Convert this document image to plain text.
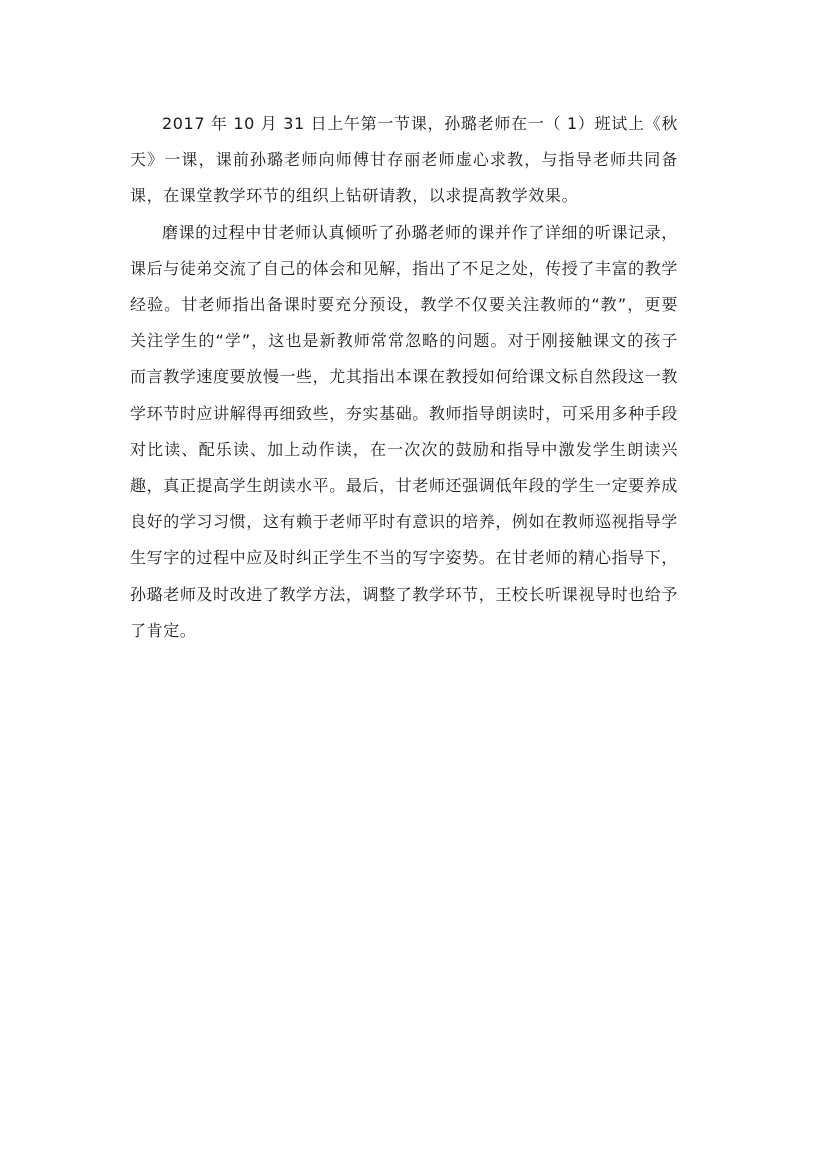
2017 年 10 月 31 日上午第一节课，孙璐老师在一（ 1）班试上《秋天》一课，课前孙璐老师向师傅甘存丽老师虚心求教，与指导老师共同备课，在课堂教学环节的组织上钻研请教，以求提高教学效果。

磨课的过程中甘老师认真倾听了孙璐老师的课并作了详细的听课记录，课后与徒弟交流了自己的体会和见解，指出了不足之处，传授了丰富的教学经验。甘老师指出备课时要充分预设，教学不仅要关注教师的“教”，更要关注学生的“学”，这也是新教师常常忽略的问题。对于刚接触课文的孩子而言教学速度要放慢一些，尤其指出本课在教授如何给课文标自然段这一教学环节时应讲解得再细致些，夯实基础。教师指导朗读时，可采用多种手段对比读、配乐读、加上动作读，在一次次的鼓励和指导中激发学生朗读兴趣，真正提高学生朗读水平。最后，甘老师还强调低年段的学生一定要养成良好的学习习惯，这有赖于老师平时有意识的培养，例如在教师巡视指导学生写字的过程中应及时纠正学生不当的写字姿势。在甘老师的精心指导下，孙璐老师及时改进了教学方法，调整了教学环节，王校长听课视导时也给予了肯定。
